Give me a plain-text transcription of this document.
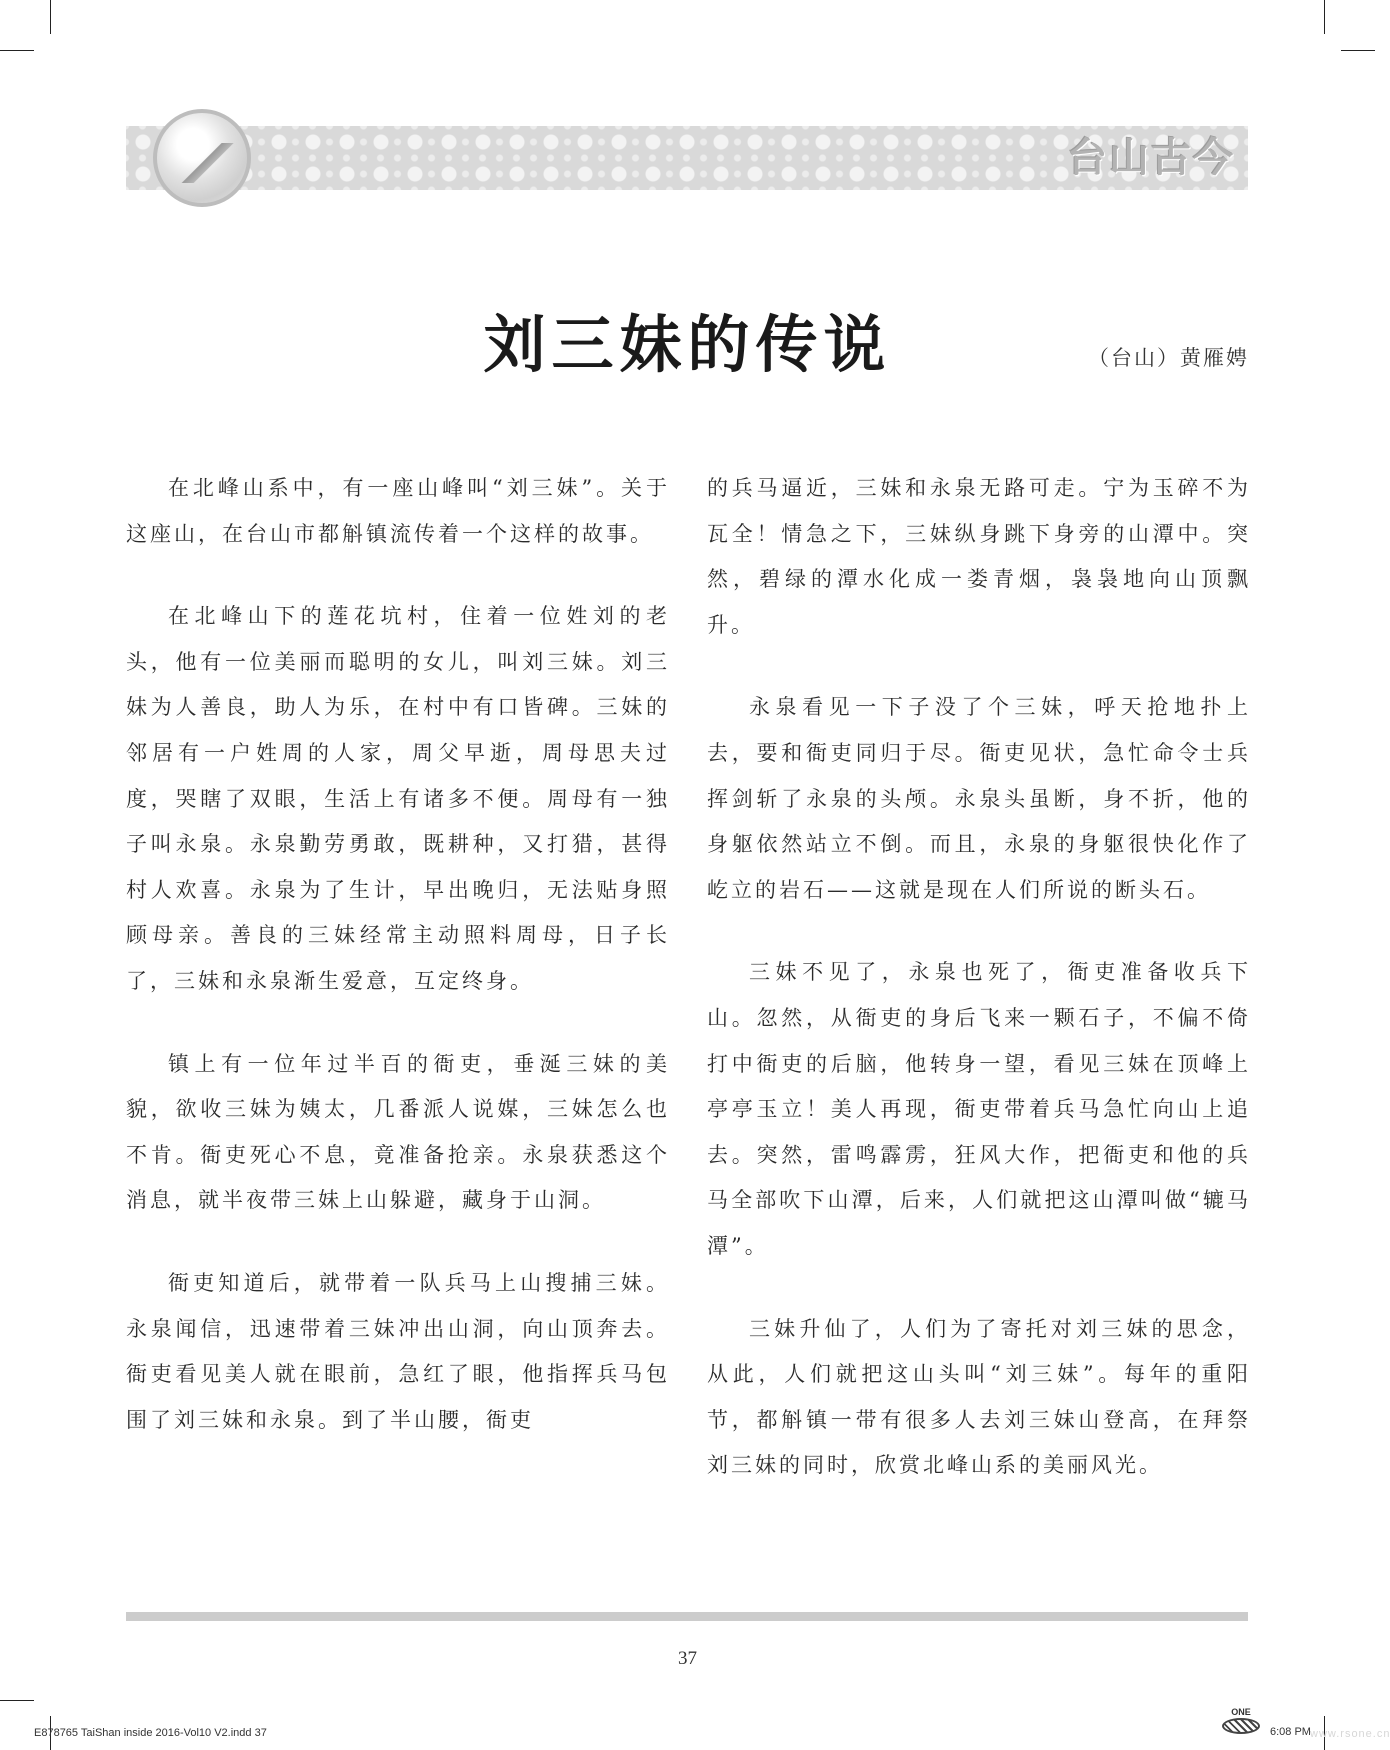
台山古今
刘三妹的传说	（台山）黄雁娉

在北峰山系中，有一座山峰叫“刘三妹”。关于这座山，在台山市都斛镇流传着一个这样的故事。

在北峰山下的莲花坑村，住着一位姓刘的老头，他有一位美丽而聪明的女儿，叫刘三妹。刘三妹为人善良，助人为乐，在村中有口皆碑。三妹的邻居有一户姓周的人家，周父早逝，周母思夫过度，哭瞎了双眼，生活上有诸多不便。周母有一独子叫永泉。永泉勤劳勇敢，既耕种，又打猎，甚得村人欢喜。永泉为了生计，早出晚归，无法贴身照顾母亲。善良的三妹经常主动照料周母，日子长了，三妹和永泉渐生爱意，互定终身。

镇上有一位年过半百的衙吏，垂涎三妹的美貌，欲收三妹为姨太，几番派人说媒，三妹怎么也不肯。衙吏死心不息，竟准备抢亲。永泉获悉这个消息，就半夜带三妹上山躲避，藏身于山洞。

衙吏知道后，就带着一队兵马上山搜捕三妹。永泉闻信，迅速带着三妹冲出山洞，向山顶奔去。衙吏看见美人就在眼前，急红了眼，他指挥兵马包围了刘三妹和永泉。到了半山腰，衙吏

的兵马逼近，三妹和永泉无路可走。宁为玉碎不为瓦全！情急之下，三妹纵身跳下身旁的山潭中。突然，碧绿的潭水化成一娄青烟，袅袅地向山顶飘升。

永泉看见一下子没了个三妹，呼天抢地扑上去，要和衙吏同归于尽。衙吏见状，急忙命令士兵挥剑斩了永泉的头颅。永泉头虽断，身不折，他的身躯依然站立不倒。而且，永泉的身躯很快化作了屹立的岩石——这就是现在人们所说的断头石。

三妹不见了，永泉也死了，衙吏准备收兵下山。忽然，从衙吏的身后飞来一颗石子，不偏不倚打中衙吏的后脑，他转身一望，看见三妹在顶峰上亭亭玉立！美人再现，衙吏带着兵马急忙向山上追去。突然，雷鸣霹雳，狂风大作，把衙吏和他的兵马全部吹下山潭，后来，人们就把这山潭叫做“辘马潭”。

三妹升仙了，人们为了寄托对刘三妹的思念，从此，人们就把这山头叫“刘三妹”。每年的重阳节，都斛镇一带有很多人去刘三妹山登高，在拜祭刘三妹的同时，欣赏北峰山系的美丽风光。

37
E878765 TaiShan inside 2016-Vol10 V2.indd 37
ONE
www.rsone.cn
6:08 PM
